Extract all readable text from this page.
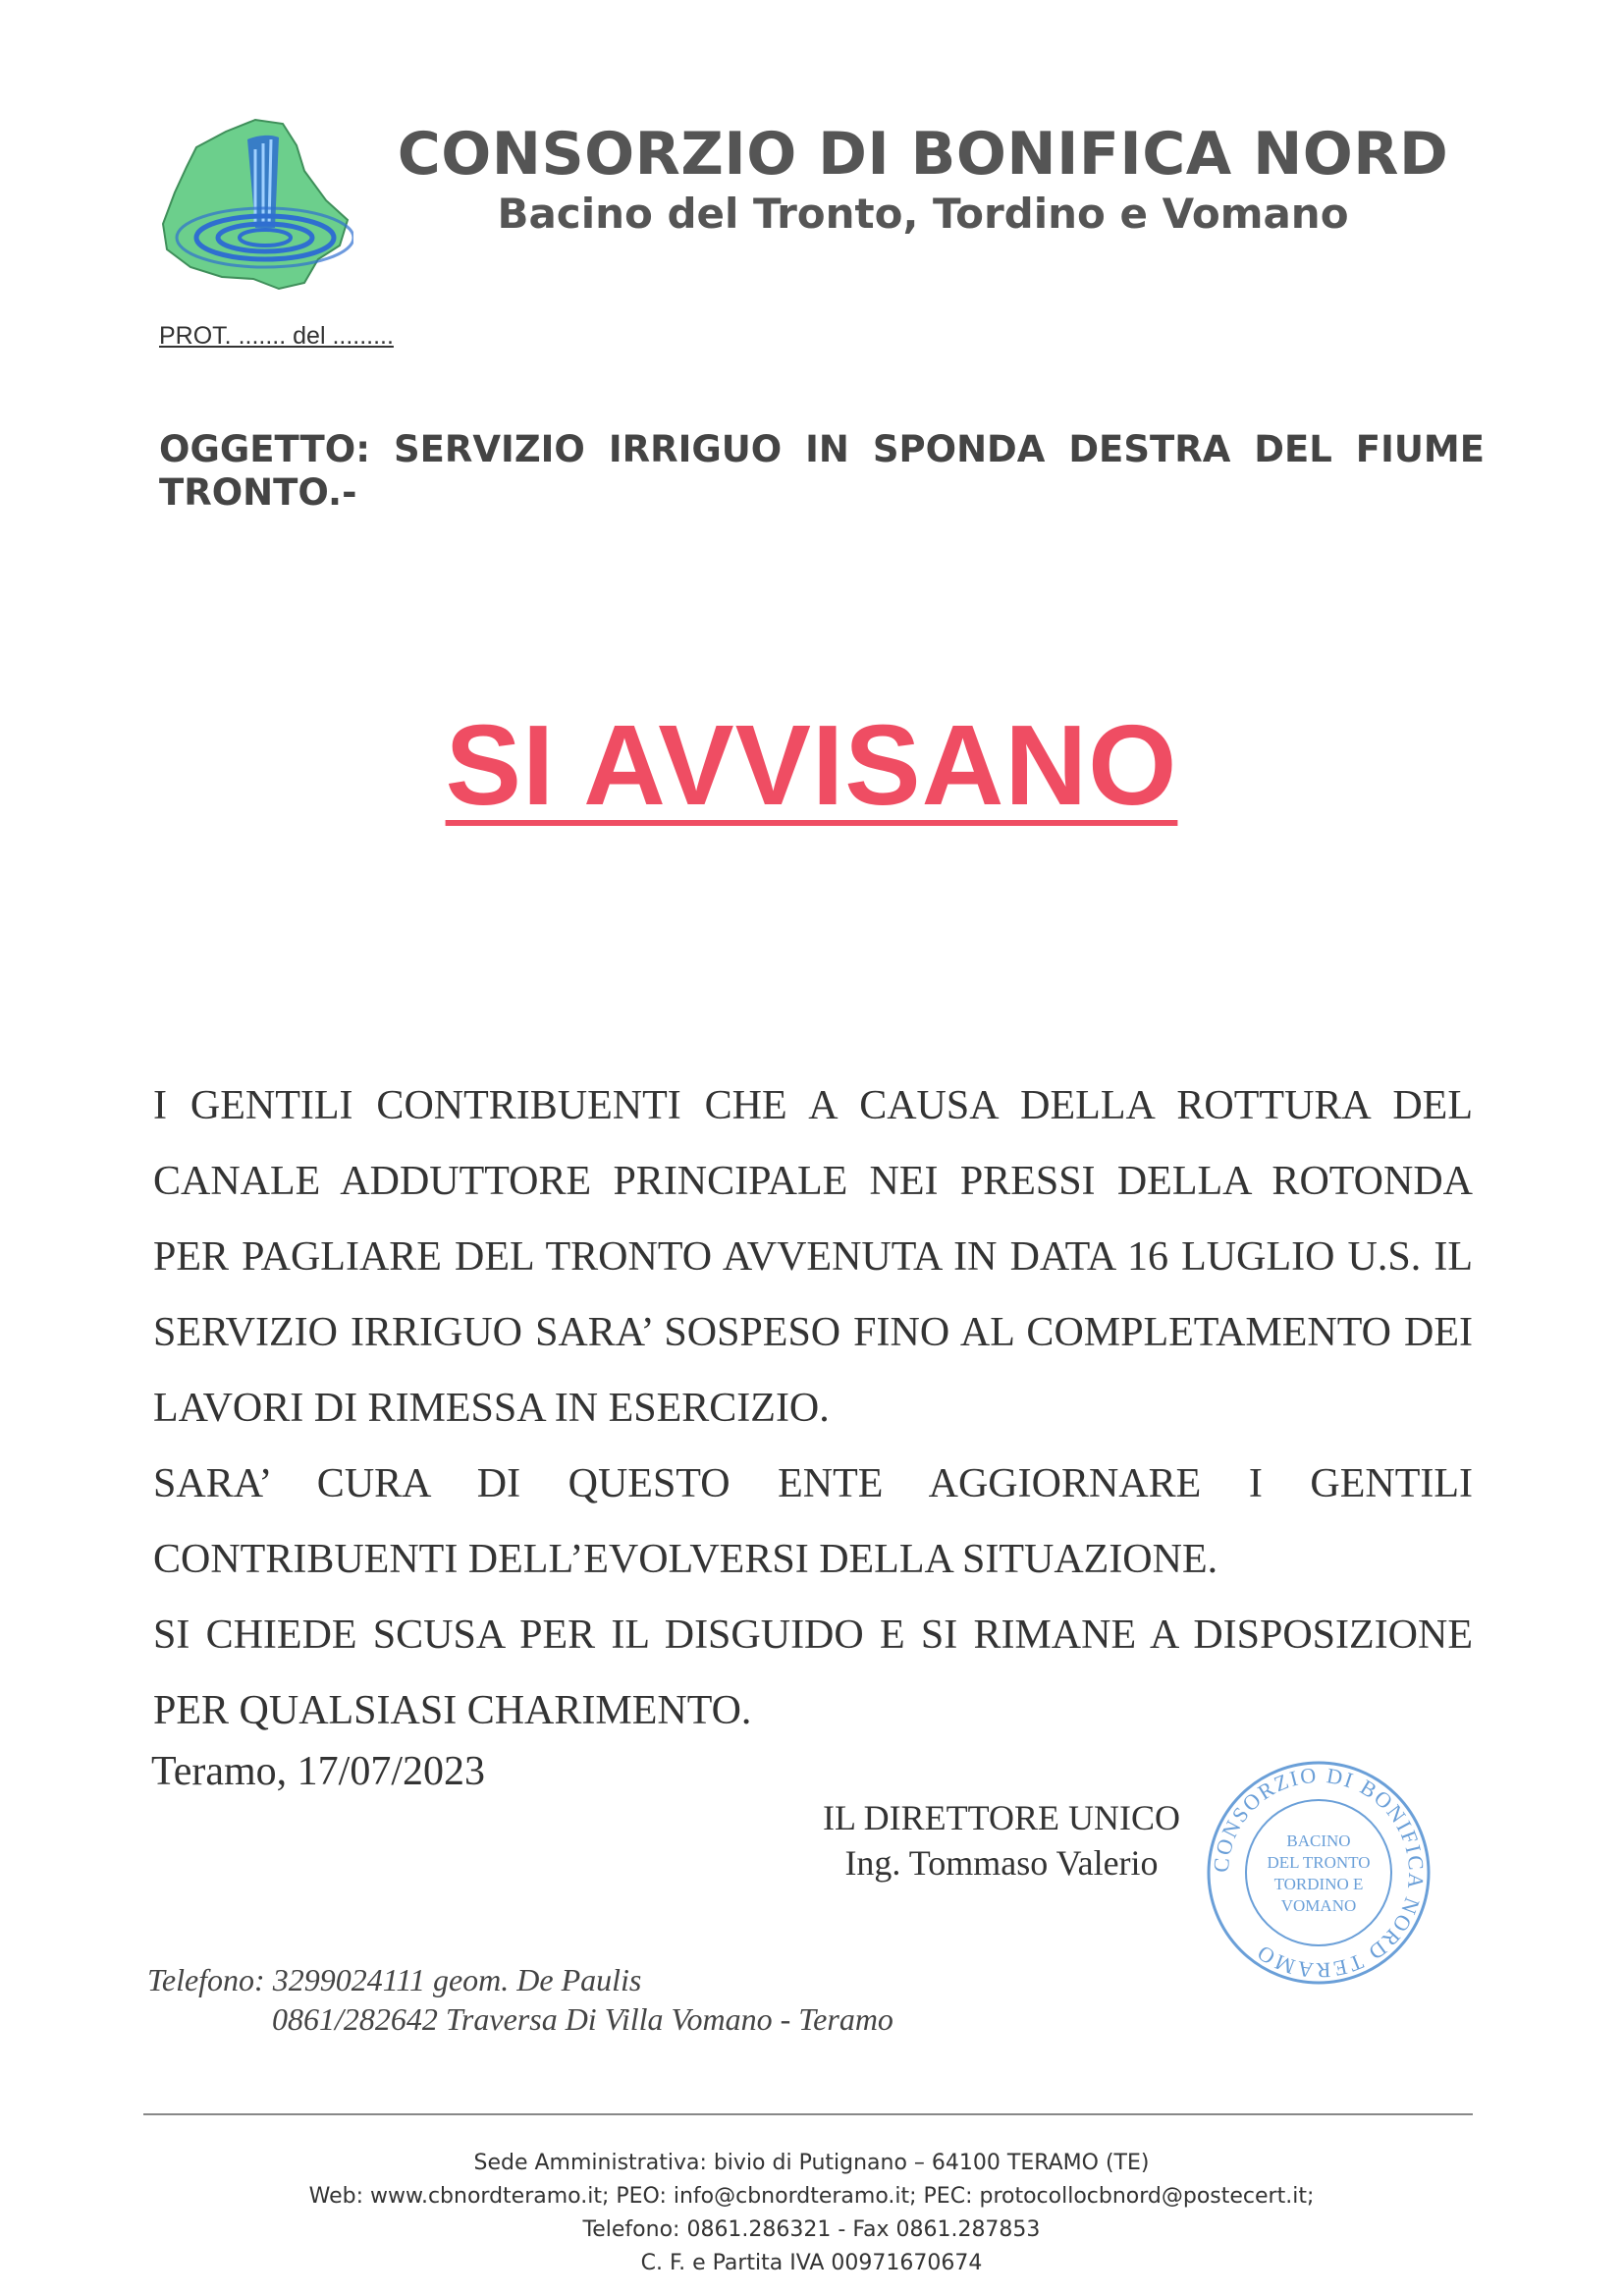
CONSORZIO DI BONIFICA NORD
Bacino del Tronto, Tordino e Vomano
PROT. ....... del .........
OGGETTO: SERVIZIO IRRIGUO IN SPONDA DESTRA DEL FIUME TRONTO.-
SI AVVISANO

I GENTILI CONTRIBUENTI CHE A CAUSA DELLA ROTTURA DEL CANALE ADDUTTORE PRINCIPALE NEI PRESSI DELLA ROTONDA PER PAGLIARE DEL TRONTO AVVENUTA IN DATA 16 LUGLIO U.S. IL SERVIZIO IRRIGUO SARA’ SOSPESO FINO AL COMPLETAMENTO DEI LAVORI DI RIMESSA IN ESERCIZIO.

SARA’ CURA DI QUESTO ENTE AGGIORNARE I GENTILI CONTRIBUENTI DELL’EVOLVERSI DELLA SITUAZIONE.

SI CHIEDE SCUSA PER IL DISGUIDO E SI RIMANE A DISPOSIZIONE PER QUALSIASI CHARIMENTO.

Teramo, 17/07/2023
IL DIRETTORE UNICO
Ing. Tommaso Valerio	CONSORZIO DI BONIFICA NORD TERAMO
BACINO
DEL TRONTO
TORDINO E
VOMANO
Telefono: 3299024111 geom. De Paulis
0861/282642 Traversa Di Villa Vomano - Teramo
Sede Amministrativa: bivio di Putignano – 64100 TERAMO (TE)
Web: www.cbnordteramo.it; PEO: info@cbnordteramo.it; PEC: protocollocbnord@postecert.it;
Telefono: 0861.286321 - Fax 0861.287853
C. F. e Partita IVA 00971670674
